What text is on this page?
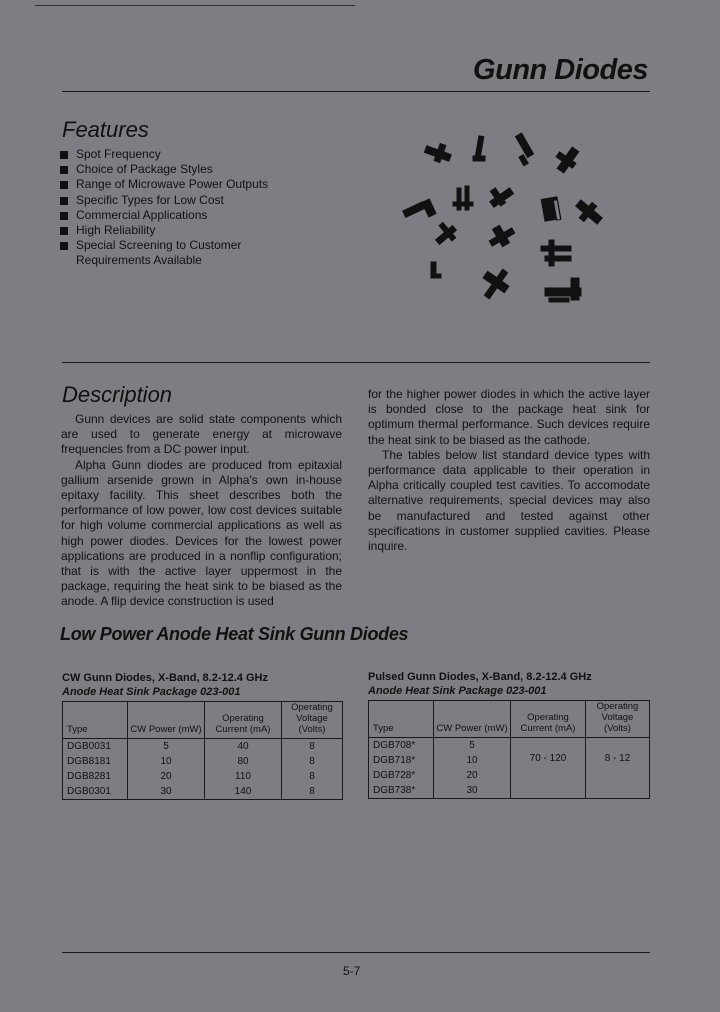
Gunn Diodes
Features
Spot Frequency
Choice of Package Styles
Range of Microwave Power Outputs
Specific Types for Low Cost
Commercial Applications
High Reliability
Special Screening to Customer Requirements Available
Description

Gunn devices are solid state components which are used to generate energy at microwave frequencies from a DC power input.

Alpha Gunn diodes are produced from epitaxial gallium arsenide grown in Alpha's own in-house epitaxy facility. This sheet describes both the performance of low power, low cost devices suitable for high volume commercial applications as well as high power diodes. Devices for the lowest power applications are produced in a nonflip configuration; that is with the active layer uppermost in the package, requiring the heat sink to be biased as the anode. A flip device construction is used

for the higher power diodes in which the active layer is bonded close to the package heat sink for optimum thermal performance. Such devices require the heat sink to be biased as the cathode.

The tables below list standard device types with performance data applicable to their operation in Alpha critically coupled test cavities. To accomodate alternative requirements, special devices may also be manufactured and tested against other specifications in customer supplied cavities. Please inquire.

Low Power Anode Heat Sink Gunn Diodes
CW Gunn Diodes, X-Band, 8.2-12.4 GHz
Anode Heat Sink Package 023-001
Type	CW Power (mW)	Operating Current (mA)	Operating Voltage (Volts)
DGB0031	5	40	8
DGB8181	10	80	8
DGB8281	20	110	8
DGB0301	30	140	8
Pulsed Gunn Diodes, X-Band, 8.2-12.4 GHz
Anode Heat Sink Package 023-001
Type	CW Power (mW)	Operating Current (mA)	Operating Voltage (Volts)
DGB708*	5	70 - 120	8 - 12
DGB718*	10		
DGB728*	20		
DGB738*	30		
5-7
